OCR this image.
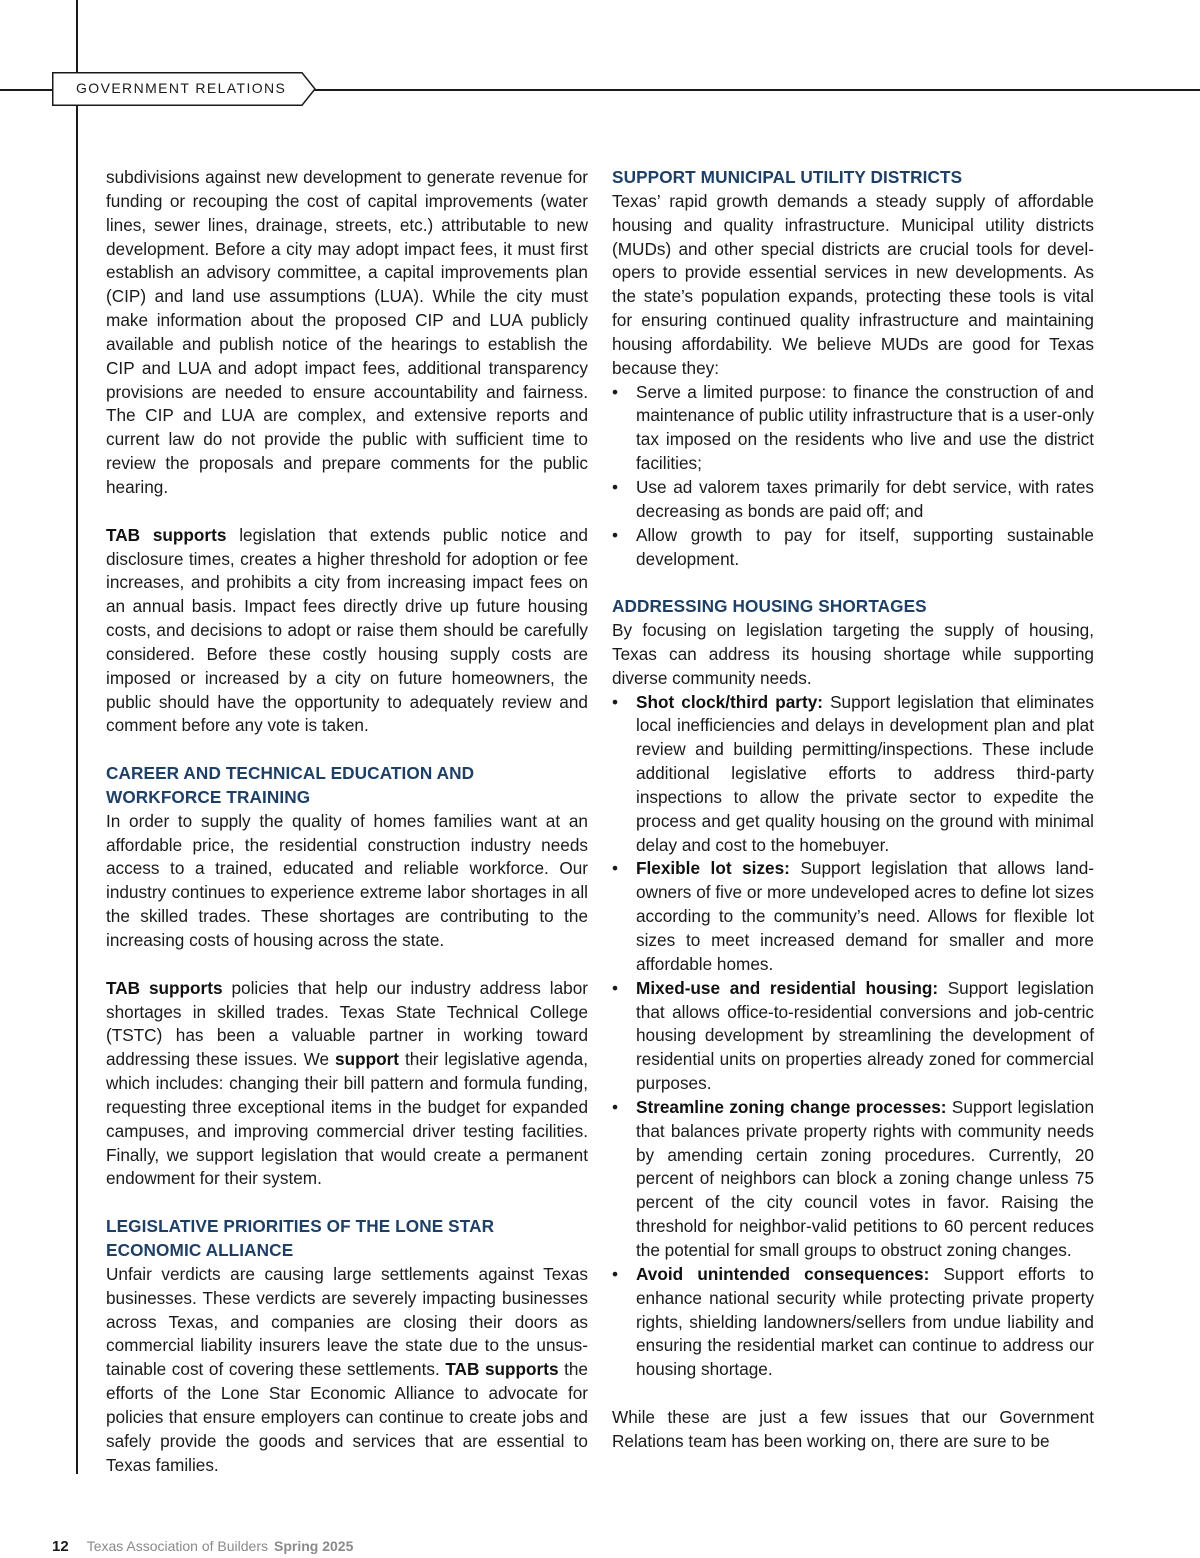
GOVERNMENT RELATIONS

subdivisions against new development to generate revenue for funding or recouping the cost of capital improvements (water lines, sewer lines, drainage, streets, etc.) attributable to new development. Before a city may adopt impact fees, it must first establish an advisory committee, a capital improvements plan (CIP) and land use assumptions (LUA). While the city must make information about the proposed CIP and LUA publicly available and publish notice of the hearings to establish the CIP and LUA and adopt impact fees, additional transparency provisions are needed to ensure accountability and fairness. The CIP and LUA are complex, and extensive reports and current law do not provide the public with sufficient time to review the proposals and prepare comments for the public hearing.

TAB supports legislation that extends public notice and disclosure times, creates a higher threshold for adoption or fee increases, and prohibits a city from increasing impact fees on an annual basis. Impact fees directly drive up future housing costs, and decisions to adopt or raise them should be carefully considered. Before these costly housing supply costs are imposed or increased by a city on future homeowners, the public should have the opportunity to adequately review and comment before any vote is taken.

CAREER AND TECHNICAL EDUCATION AND
WORKFORCE TRAINING

In order to supply the quality of homes families want at an affordable price, the residential construction industry needs access to a trained, educated and reliable workforce. Our industry continues to experience extreme labor shortages in all the skilled trades. These shortages are contributing to the increasing costs of housing across the state.

TAB supports policies that help our industry address labor shortages in skilled trades. Texas State Technical College (TSTC) has been a valuable partner in working toward addressing these issues. We support their legislative agenda, which includes: changing their bill pattern and formula funding, requesting three exceptional items in the budget for expanded campuses, and improving commercial driver testing facilities. Finally, we support legislation that would create a permanent endowment for their system.

LEGISLATIVE PRIORITIES OF THE LONE STAR
ECONOMIC ALLIANCE

Unfair verdicts are causing large settlements against Texas businesses. These verdicts are severely impacting businesses across Texas, and companies are closing their doors as commercial liability insurers leave the state due to the unsustainable cost of covering these settlements. TAB supports the efforts of the Lone Star Economic Alliance to advocate for policies that ensure employers can continue to create jobs and safely provide the goods and services that are essential to Texas families.

SUPPORT MUNICIPAL UTILITY DISTRICTS

Texas’ rapid growth demands a steady supply of affordable housing and quality infrastructure. Municipal utility districts (MUDs) and other special districts are crucial tools for developers to provide essential services in new developments. As the state’s population expands, protecting these tools is vital for ensuring continued quality infrastructure and maintaining housing affordability. We believe MUDs are good for Texas because they:

•	Serve a limited purpose: to finance the construction of and maintenance of public utility infrastructure that is a user-only tax imposed on the residents who live and use the district facilities;
•	Use ad valorem taxes primarily for debt service, with rates decreasing as bonds are paid off; and
•	Allow growth to pay for itself, supporting sustainable development.
ADDRESSING HOUSING SHORTAGES

By focusing on legislation targeting the supply of housing, Texas can address its housing shortage while supporting diverse community needs.

•	Shot clock/third party: Support legislation that eliminates local inefficiencies and delays in development plan and plat review and building permitting/inspections. These include additional legislative efforts to address third-party inspections to allow the private sector to expedite the process and get quality housing on the ground with minimal delay and cost to the homebuyer.
•	Flexible lot sizes: Support legislation that allows landowners of five or more undeveloped acres to define lot sizes according to the community’s need. Allows for flexible lot sizes to meet increased demand for smaller and more affordable homes.
•	Mixed-use and residential housing: Support legislation that allows office-to-residential conversions and job-centric housing development by streamlining the development of residential units on properties already zoned for commercial purposes.
•	Streamline zoning change processes: Support legislation that balances private property rights with community needs by amending certain zoning procedures. Currently, 20 percent of neighbors can block a zoning change unless 75 percent of the city council votes in favor. Raising the threshold for neighbor-valid petitions to 60 percent reduces the potential for small groups to obstruct zoning changes.
•	Avoid unintended consequences: Support efforts to enhance national security while protecting private property rights, shielding landowners/sellers from undue liability and ensuring the residential market can continue to address our housing shortage.

While these are just a few issues that our Government Relations team has been working on, there are sure to be

12 Texas Association of Builders Spring 2025
